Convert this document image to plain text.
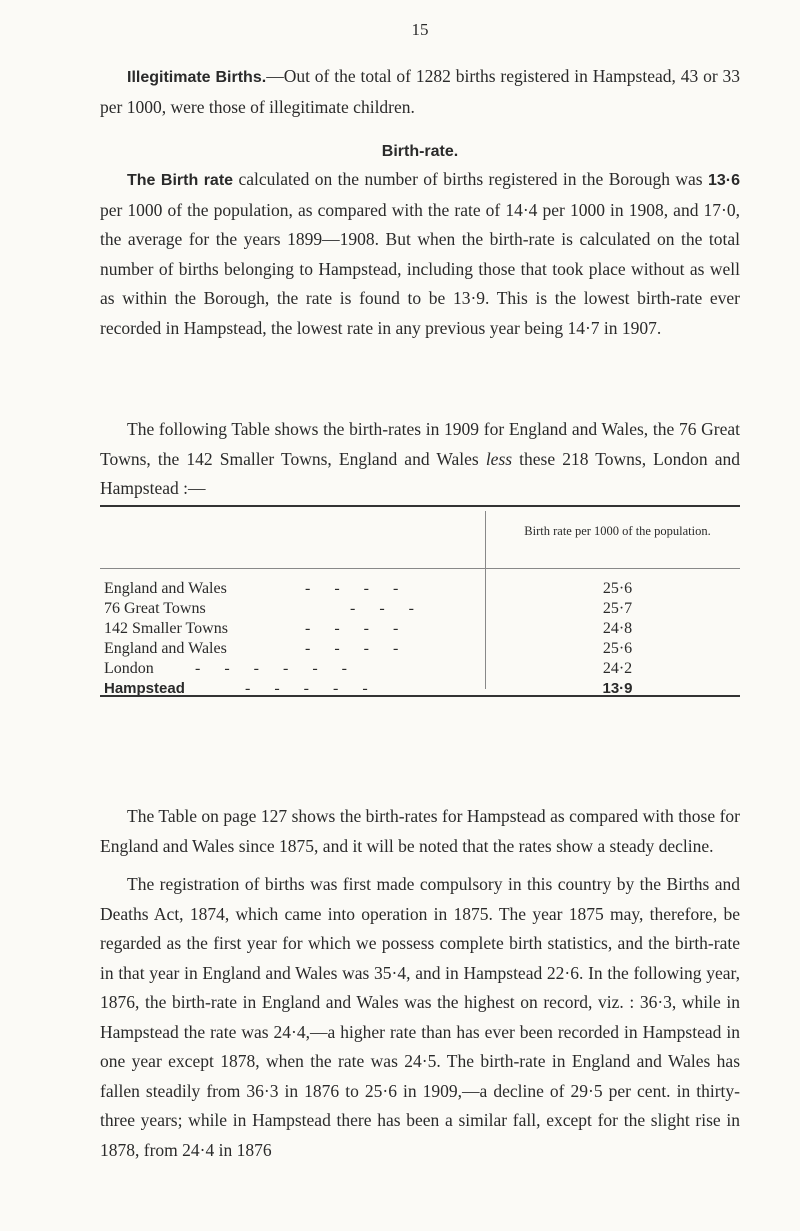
15

Illegitimate Births.—Out of the total of 1282 births registered in Hampstead, 43 or 33 per 1000, were those of illegitimate children.

Birth-rate.

The Birth rate calculated on the number of births registered in the Borough was 13·6 per 1000 of the population, as compared with the rate of 14·4 per 1000 in 1908, and 17·0, the average for the years 1899—1908. But when the birth-rate is calculated on the total number of births belonging to Hampstead, including those that took place without as well as within the Borough, the rate is found to be 13·9. This is the lowest birth-rate ever recorded in Hampstead, the lowest rate in any previous year being 14·7 in 1907.

The following Table shows the birth-rates in 1909 for England and Wales, the 76 Great Towns, the 142 Smaller Towns, England and Wales less these 218 Towns, London and Hampstead :—

Birth rate per 1000 of the population.
England and Wales	-      -      -      -	25·6
76 Great Towns	-      -      -	25·7
142 Smaller Towns	-      -      -      -	24·8
England and Wales	-      -      -      -	25·6
London	-      -      -      -      -      -	24·2
Hampstead	-      -      -      -      -	13·9

The Table on page 127 shows the birth-rates for Hampstead as compared with those for England and Wales since 1875, and it will be noted that the rates show a steady decline.

The registration of births was first made compulsory in this country by the Births and Deaths Act, 1874, which came into operation in 1875. The year 1875 may, therefore, be regarded as the first year for which we possess complete birth statistics, and the birth-rate in that year in England and Wales was 35·4, and in Hampstead 22·6. In the following year, 1876, the birth-rate in England and Wales was the highest on record, viz. : 36·3, while in Hampstead the rate was 24·4,—a higher rate than has ever been recorded in Hampstead in one year except 1878, when the rate was 24·5. The birth-rate in England and Wales has fallen steadily from 36·3 in 1876 to 25·6 in 1909,—a decline of 29·5 per cent. in thirty-three years; while in Hampstead there has been a similar fall, except for the slight rise in 1878, from 24·4 in 1876
